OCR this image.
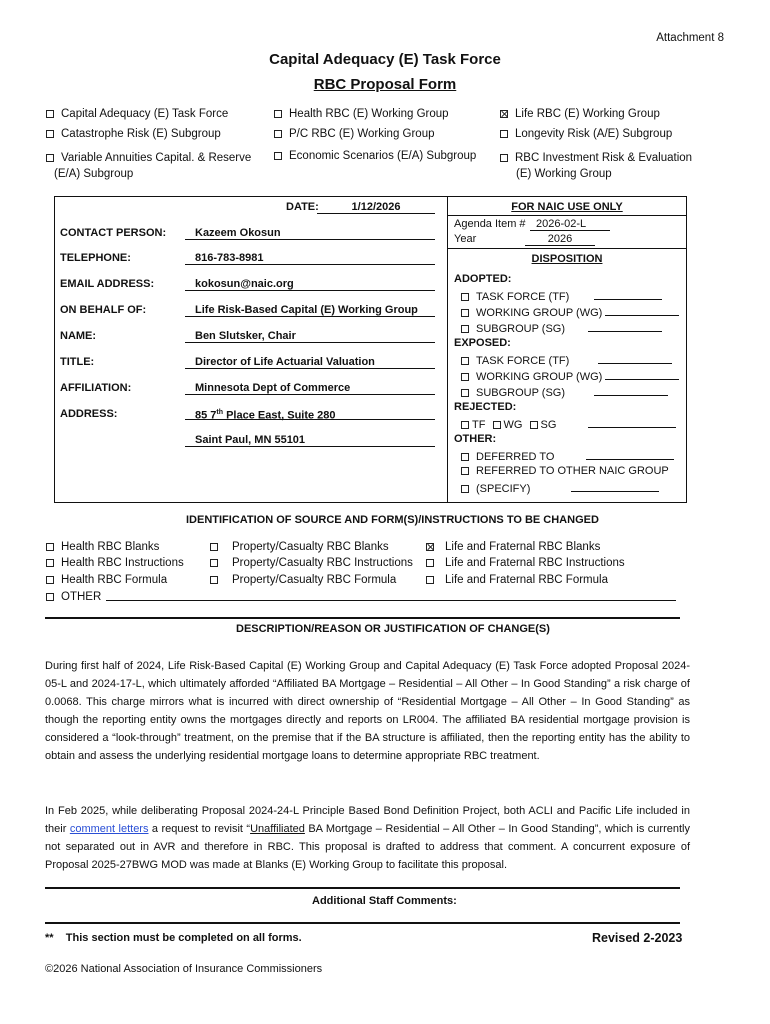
Attachment 8
Capital Adequacy (E) Task Force
RBC Proposal Form
Capital Adequacy (E) Task Force	Health RBC (E) Working Group	Life RBC (E) Working Group
Catastrophe Risk (E) Subgroup	P/C RBC (E) Working Group	Longevity Risk (A/E) Subgroup
Variable Annuities Capital. & Reserve
(E/A) Subgroup
Economic Scenarios (E/A) Subgroup	RBC Investment Risk & Evaluation
(E) Working Group
DATE:	1/12/2026
CONTACT PERSON:	Kazeem Okosun
TELEPHONE:	816-783-8981
EMAIL ADDRESS:	kokosun@naic.org
ON BEHALF OF:	Life Risk-Based Capital (E) Working Group
NAME:	Ben Slutsker, Chair
TITLE:	Director of Life Actuarial Valuation
AFFILIATION:	Minnesota Dept of Commerce
ADDRESS:	85 7th Place East, Suite 280
Saint Paul, MN 55101
FOR NAIC USE ONLY
Agenda Item # 2026-02-L
Year	2026
DISPOSITION
ADOPTED:
TASK FORCE (TF)
WORKING GROUP (WG)
SUBGROUP (SG)
EXPOSED:
TASK FORCE (TF)
WORKING GROUP (WG)
SUBGROUP (SG)
REJECTED:
TF WG SG
OTHER:
DEFERRED TO
REFERRED TO OTHER NAIC GROUP
(SPECIFY)
IDENTIFICATION OF SOURCE AND FORM(S)/INSTRUCTIONS TO BE CHANGED
Health RBC Blanks	Property/Casualty RBC Blanks	Life and Fraternal RBC Blanks
Health RBC Instructions	Property/Casualty RBC Instructions	Life and Fraternal RBC Instructions
Health RBC Formula	Property/Casualty RBC Formula	Life and Fraternal RBC Formula
OTHER
DESCRIPTION/REASON OR JUSTIFICATION OF CHANGE(S)
During first half of 2024, Life Risk-Based Capital (E) Working Group and Capital Adequacy (E) Task Force adopted Proposal 2024-05-L and 2024-17-L, which ultimately afforded “Affiliated BA Mortgage – Residential – All Other – In Good Standing” a risk charge of 0.0068. This charge mirrors what is incurred with direct ownership of “Residential Mortgage – All Other – In Good Standing” as though the reporting entity owns the mortgages directly and reports on LR004. The affiliated BA residential mortgage provision is considered a “look-through” treatment, on the premise that if the BA structure is affiliated, then the reporting entity has the ability to obtain and assess the underlying residential mortgage loans to determine appropriate RBC treatment.
In Feb 2025, while deliberating Proposal 2024-24-L Principle Based Bond Definition Project, both ACLI and Pacific Life included in their comment letters a request to revisit “Unaffiliated BA Mortgage – Residential – All Other – In Good Standing”, which is currently not separated out in AVR and therefore in RBC. This proposal is drafted to address that comment. A concurrent exposure of Proposal 2025-27BWG MOD was made at Blanks (E) Working Group to facilitate this proposal.
Additional Staff Comments:
**    This section must be completed on all forms.	Revised 2-2023
©2026 National Association of Insurance Commissioners
